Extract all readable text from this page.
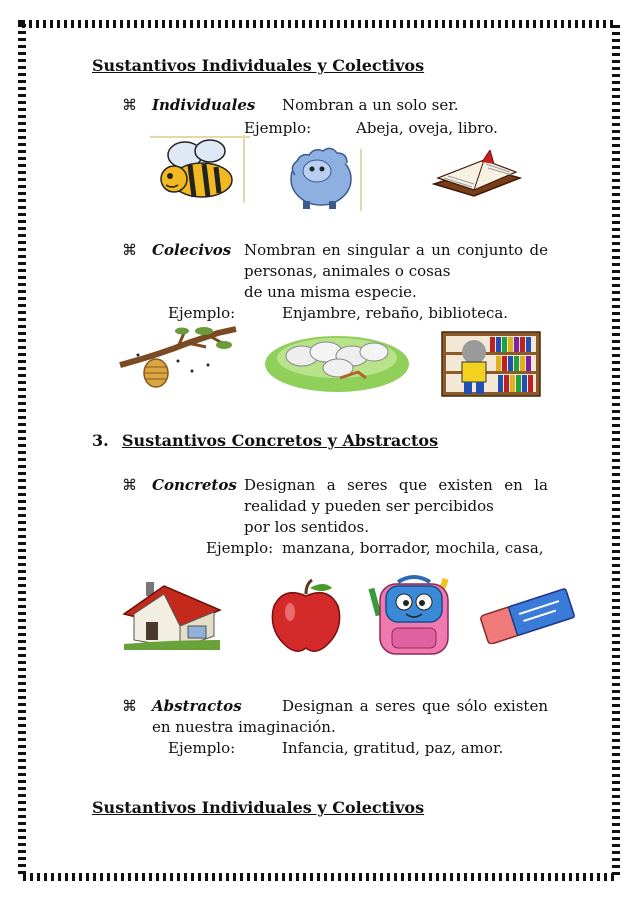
Sustantivos Individuales y Colectivos
⌘ Individuales Nombran a un solo ser.
Ejemplo:	Abeja, oveja, libro.
⌘ Colecivos Nombran en singular a un conjunto de
personas, animales o cosas
de una misma especie.
Ejemplo:	Enjambre, rebaño, biblioteca.
3. Sustantivos Concretos y Abstractos
⌘ Concretos Designan a seres que existen en la
realidad y pueden ser percibidos
por los sentidos.
Ejemplo: manzana, borrador, mochila, casa,
⌘ Abstractos	Designan a seres que sólo existen
en nuestra imaginación.
Ejemplo:	Infancia, gratitud, paz, amor.
Sustantivos Individuales y Colectivos
